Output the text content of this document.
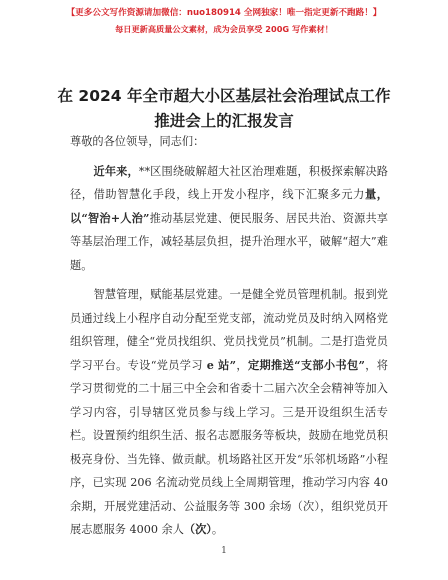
【更多公文写作资源请加微信：nuo180914 全网独家！唯一指定更新不跑路！】
每日更新高质量公文素材，成为会员享受 200G 写作素材！
在 2024 年全市超大小区基层社会治理试点工作
推进会上的汇报发言

尊敬的各位领导，同志们：

近年来，**区围绕破解超大社区治理难题，积极探索解决路径，借助智慧化手段，线上开发小程序，线下汇聚多元力量，以“智治+人治”推动基层党建、便民服务、居民共治、资源共享等基层治理工作，减轻基层负担，提升治理水平，破解“超大”难题。

智慧管理，赋能基层党建。一是健全党员管理机制。报到党员通过线上小程序自动分配至党支部，流动党员及时纳入网格党组织管理，健全“党员找组织、党员找党员”机制。二是打造党员学习平台。专设“党员学习 e 站”，定期推送“支部小书包”，将学习贯彻党的二十届三中全会和省委十二届六次全会精神等加入学习内容，引导辖区党员参与线上学习。三是开设组织生活专栏。设置预约组织生活、报名志愿服务等板块，鼓励在地党员积极亮身份、当先锋、做贡献。机场路社区开发“乐邻机场路”小程序，已实现 206 名流动党员线上全周期管理，推动学习内容 40 余期，开展党建活动、公益服务等 300 余场（次），组织党员开展志愿服务 4000 余人（次）。

1
